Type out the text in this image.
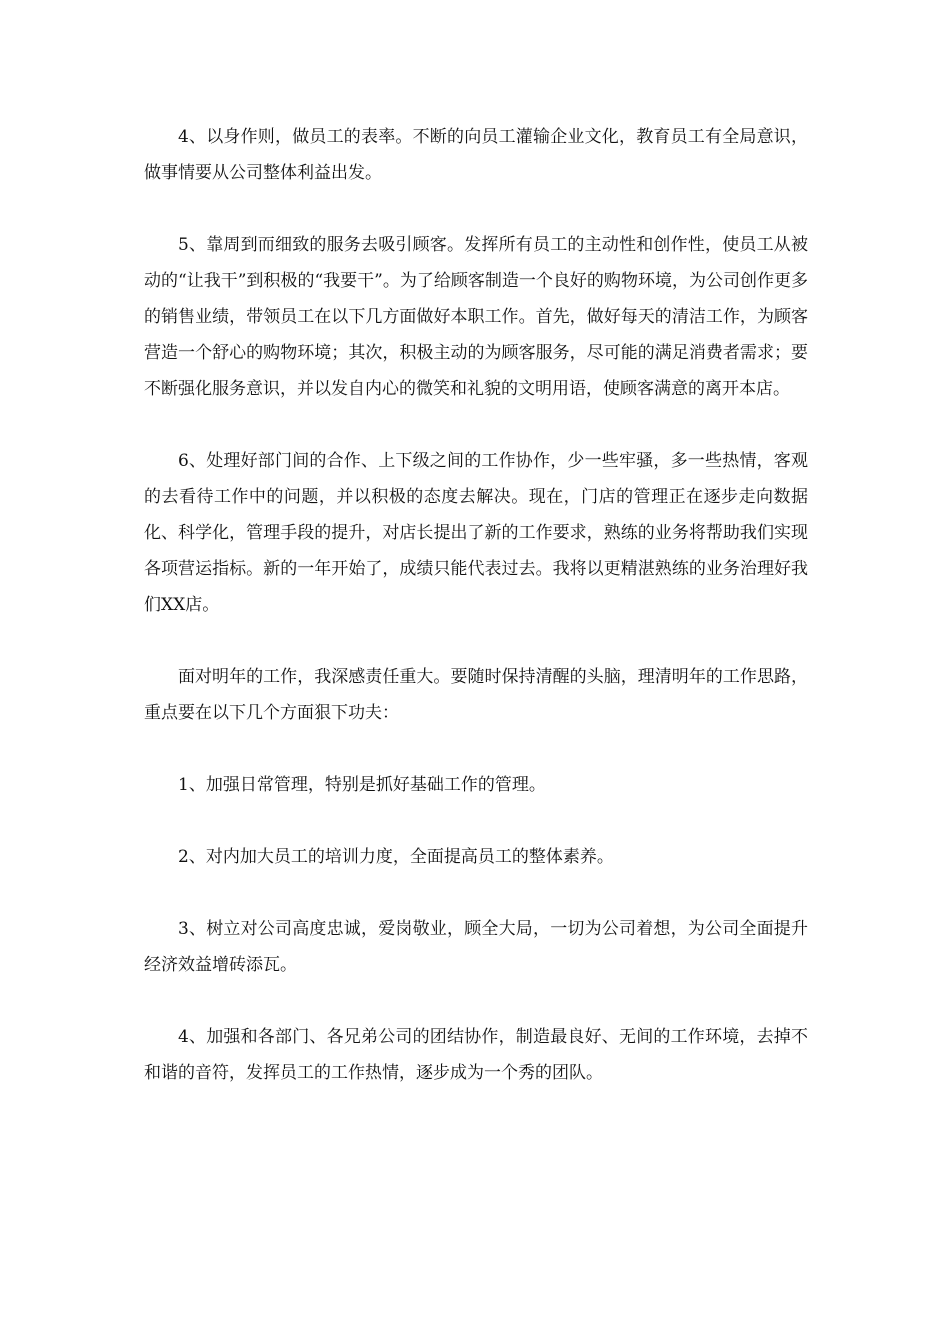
4、以身作则，做员工的表率。不断的向员工灌输企业文化，教育员工有全局意识，做事情要从公司整体利益出发。

5、靠周到而细致的服务去吸引顾客。发挥所有员工的主动性和创作性，使员工从被动的“让我干”到积极的“我要干”。为了给顾客制造一个良好的购物环境，为公司创作更多的销售业绩，带领员工在以下几方面做好本职工作。首先，做好每天的清洁工作，为顾客营造一个舒心的购物环境；其次，积极主动的为顾客服务，尽可能的满足消费者需求；要不断强化服务意识，并以发自内心的微笑和礼貌的文明用语，使顾客满意的离开本店。

6、处理好部门间的合作、上下级之间的工作协作，少一些牢骚，多一些热情，客观的去看待工作中的问题，并以积极的态度去解决。现在，门店的管理正在逐步走向数据化、科学化，管理手段的提升，对店长提出了新的工作要求，熟练的业务将帮助我们实现各项营运指标。新的一年开始了，成绩只能代表过去。我将以更精湛熟练的业务治理好我们XX店。

面对明年的工作，我深感责任重大。要随时保持清醒的头脑，理清明年的工作思路，重点要在以下几个方面狠下功夫：

1、加强日常管理，特别是抓好基础工作的管理。

2、对内加大员工的培训力度，全面提高员工的整体素养。

3、树立对公司高度忠诚，爱岗敬业，顾全大局，一切为公司着想，为公司全面提升经济效益增砖添瓦。

4、加强和各部门、各兄弟公司的团结协作，制造最良好、无间的工作环境，去掉不和谐的音符，发挥员工的工作热情，逐步成为一个秀的团队。
